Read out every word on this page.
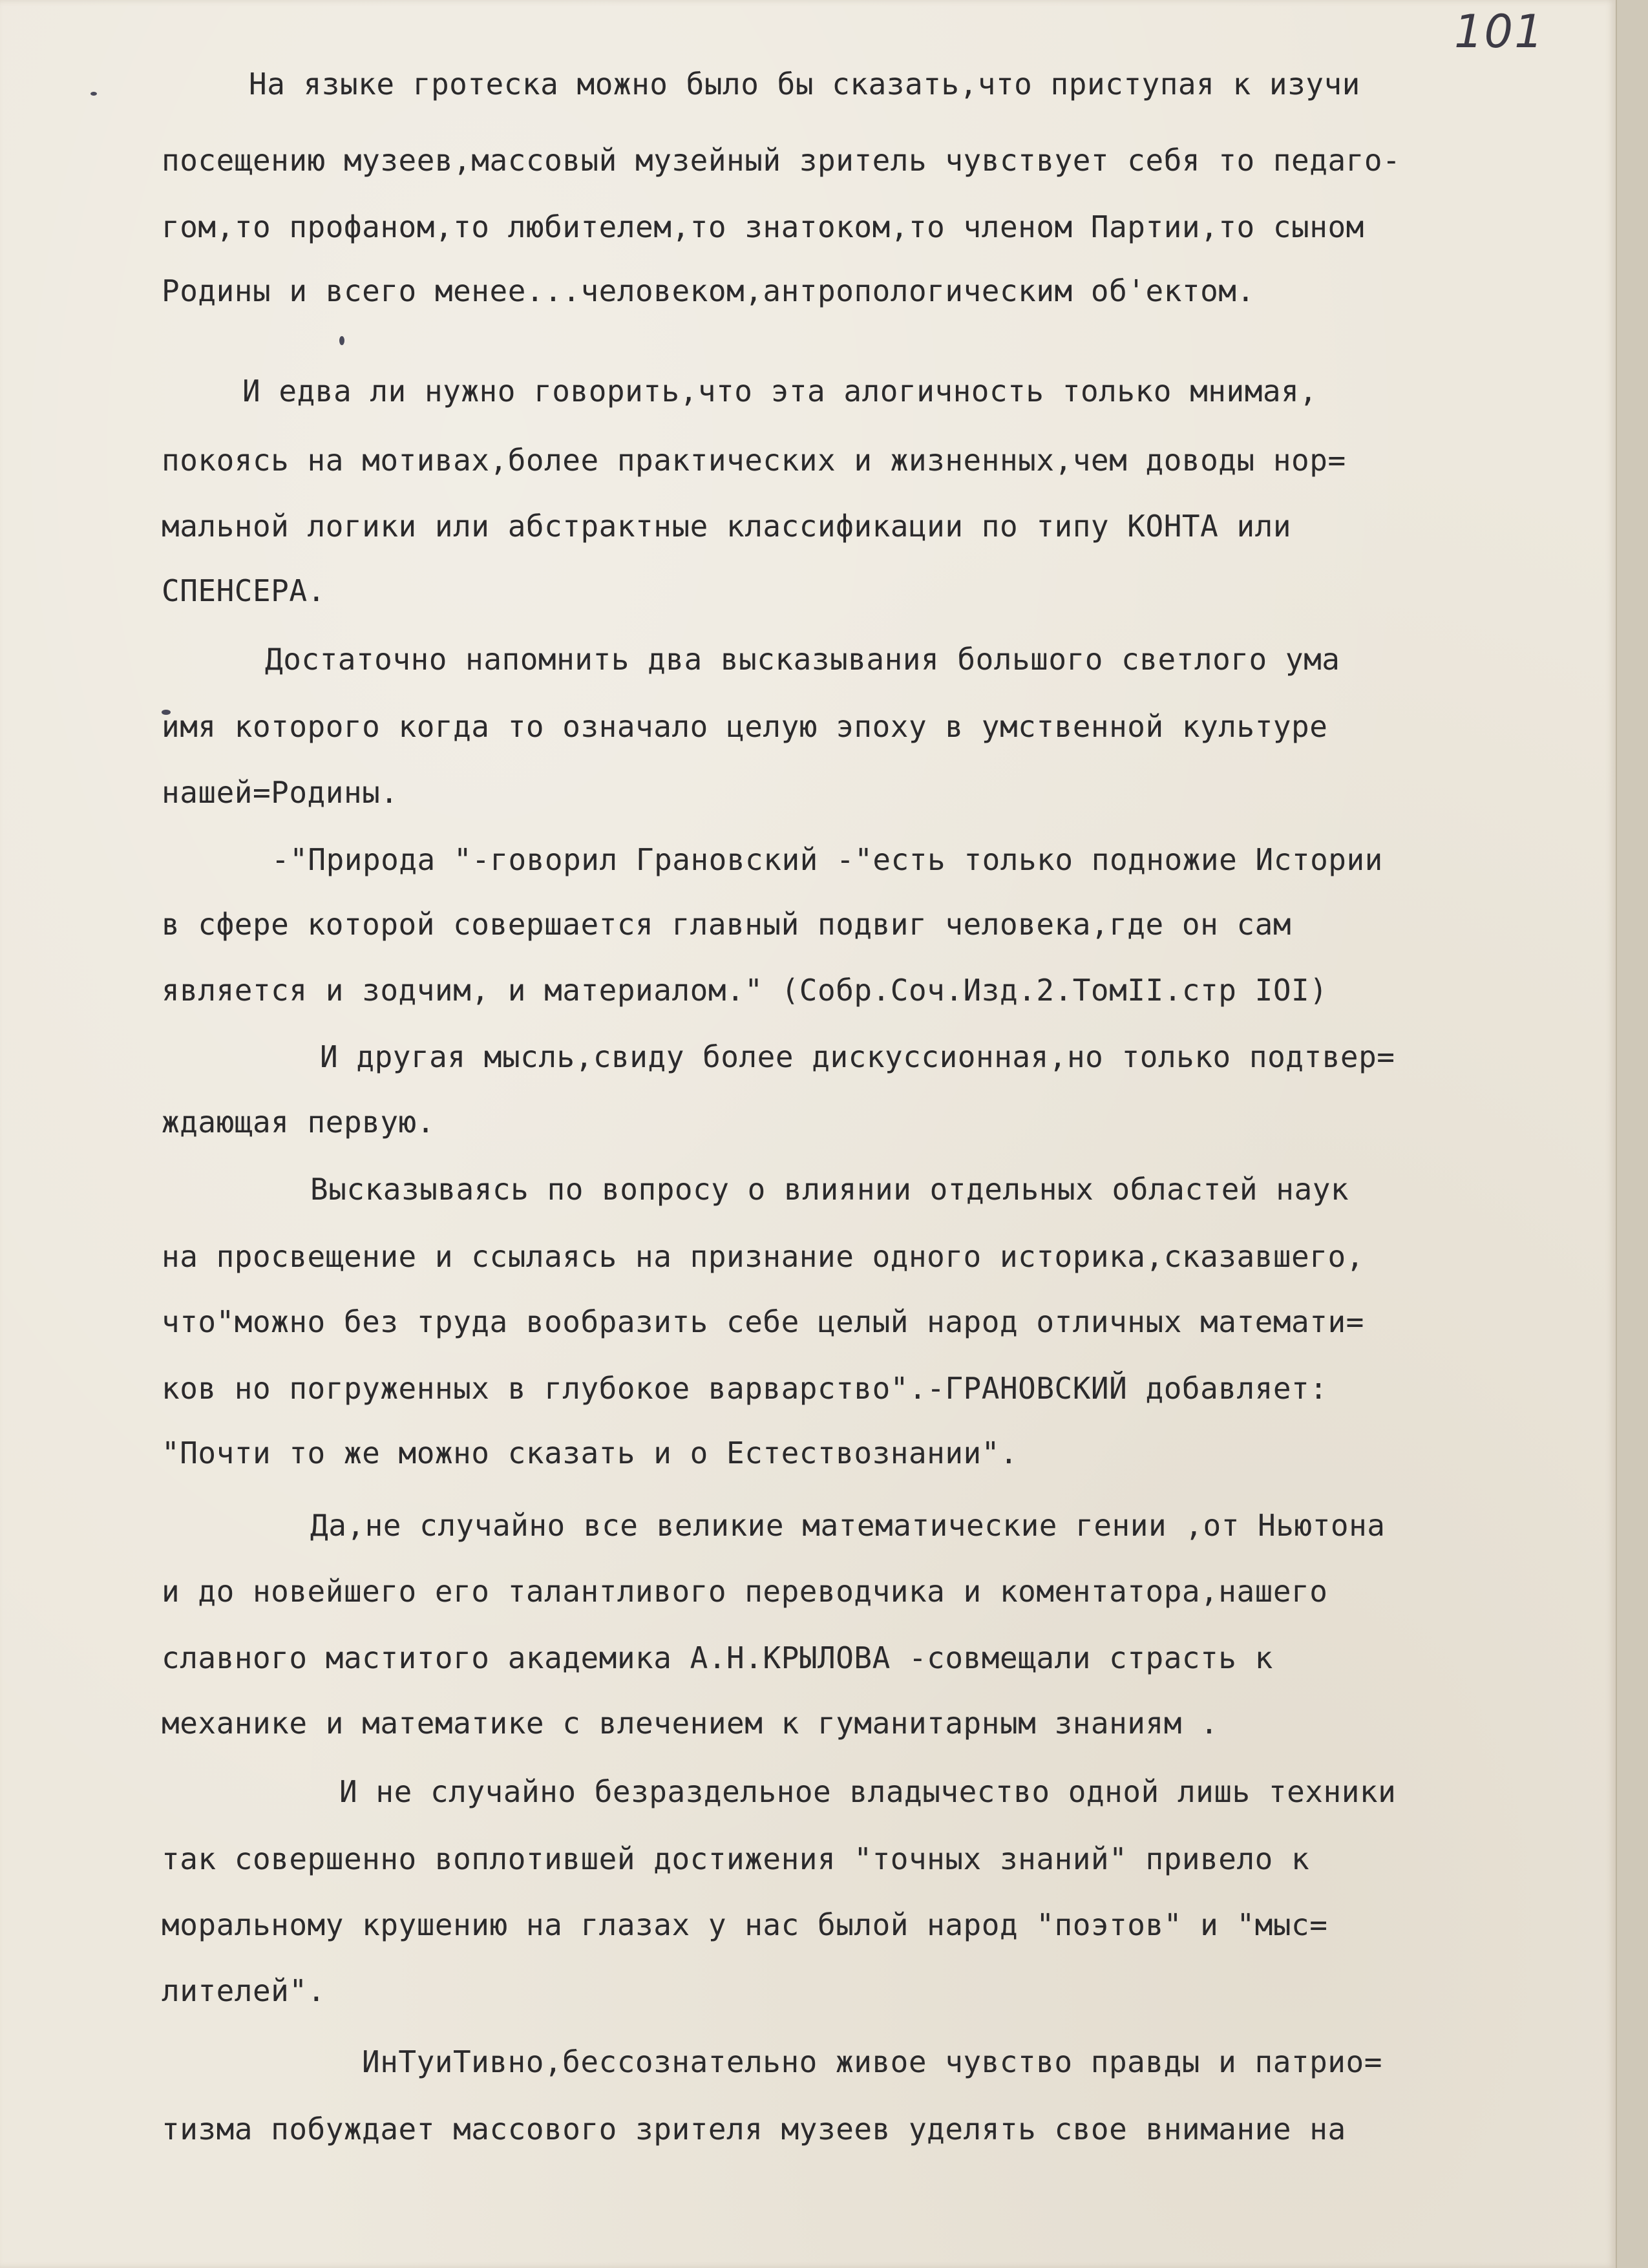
101
На языке гротеска можно было бы сказать,что приступая к изучи
посещению музеев,массовый музейный зритель чувствует себя то педаго-
гом,то профаном,то любителем,то знатоком,то членом Партии,то сыном
Родины и всего менее...человеком,антропологическим об'ектом.
И едва ли нужно говорить,что эта алогичность только мнимая,
покоясь на мотивах,более практических и жизненных,чем доводы нор=
мальной логики или абстрактные классификации по типу КОНТА или
СПЕНСЕРА.
Достаточно напомнить два высказывания большого светлого ума
имя которого когда то означало целую эпоху в умственной культуре
нашей=Родины.
-"Природа "-говорил Грановский -"есть только подножие Истории
в сфере которой совершается главный подвиг человека,где он сам
является и зодчим, и материалом." (Собр.Соч.Изд.2.ТомII.стр IOI)
И другая мысль,свиду более дискуссионная,но только подтвер=
ждающая первую.
Высказываясь по вопросу о влиянии отдельных областей наук
на просвещение и ссылаясь на признание одного историка,сказавшего,
что"можно без труда вообразить себе целый народ отличных математи=
ков но погруженных в глубокое варварство".-ГРАНОВСКИЙ добавляет:
"Почти то же можно сказать и о Естествознании".
Да,не случайно все великие математические гении ,от Ньютона
и до новейшего его талантливого переводчика и коментатора,нашего
славного маститого академика А.Н.КРЫЛОВА -совмещали страсть к
механике и математике с влечением к гуманитарным знаниям .
И не случайно безраздельное владычество одной лишь техники
так совершенно воплотившей достижения "точных знаний" привело к
моральному крушению на глазах у нас былой народ "поэтов" и "мыс=
лителей".
ИнТуиТивно,бессознательно живое чувство правды и патрио=
тизма побуждает массового зрителя музеев уделять свое внимание на
